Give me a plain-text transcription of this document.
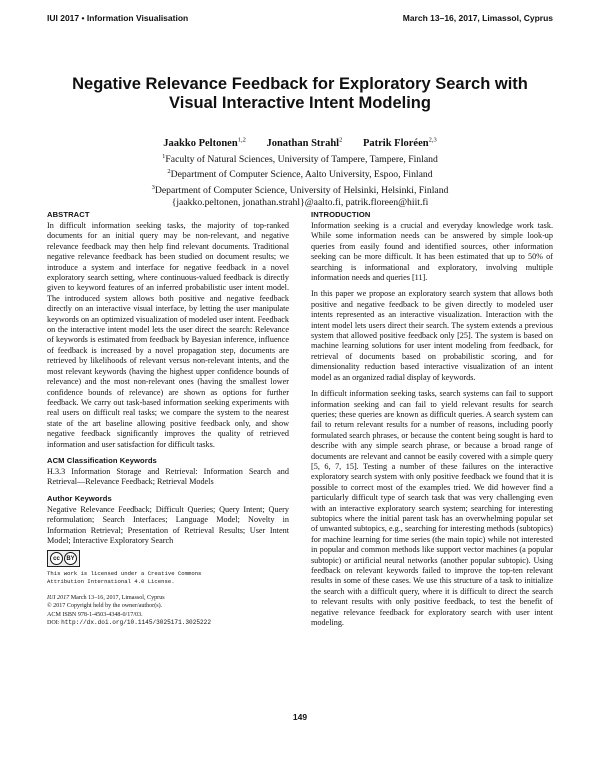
IUI 2017 • Information Visualisation	March 13–16, 2017, Limassol, Cyprus
Negative Relevance Feedback for Exploratory Search with
Visual Interactive Intent Modeling
Jaakko Peltonen$^{1,2}$ Jonathan Strahl$^2$ Patrik Floréen$^{2,3}$
$^1$Faculty of Natural Sciences, University of Tampere, Tampere, Finland
$^2$Department of Computer Science, Aalto University, Espoo, Finland
$^3$Department of Computer Science, University of Helsinki, Helsinki, Finland
{jaakko.peltonen, jonathan.strahl}@aalto.fi, patrik.floreen@hiit.fi
ABSTRACT

In difficult information seeking tasks, the majority of top-ranked documents for an initial query may be non-relevant, and negative relevance feedback may then help find relevant documents. Traditional negative relevance feedback has been studied on document results; we introduce a system and interface for negative feedback in a novel exploratory search setting, where continuous-valued feedback is directly given to keyword features of an inferred probabilistic user intent model. The introduced system allows both positive and negative feedback directly on an interactive visual interface, by letting the user manipulate keywords on an optimized visualization of modeled user intent. Feedback on the interactive intent model lets the user direct the search: Relevance of keywords is estimated from feedback by Bayesian inference, influence of feedback is increased by a novel propagation step, documents are retrieved by likelihoods of relevant versus non-relevant intents, and the most relevant keywords (having the highest upper confidence bounds of relevance) and the most non-relevant ones (having the smallest lower confidence bounds of relevance) are shown as options for further feedback. We carry out task-based information seeking experiments with real users on difficult real tasks; we compare the system to the nearest state of the art baseline allowing positive feedback only, and show negative feedback significantly improves the quality of retrieved information and user satisfaction for difficult tasks.

ACM Classification Keywords

H.3.3 Information Storage and Retrieval: Information Search and Retrieval—Relevance Feedback; Retrieval Models

Author Keywords

Negative Relevance Feedback; Difficult Queries; Query Intent; Query reformulation; Search Interfaces; Language Model; Novelty in Information Retrieval; Presentation of Retrieval Results; User Intent Model; Interactive Exploratory Search

cc	BY
This work is licensed under a Creative Commons
Attribution International 4.0 License.
IUI 2017 March 13–16, 2017, Limassol, Cyprus
© 2017 Copyright held by the owner/author(s).
ACM ISBN 978-1-4503-4348-0/17/03.
DOI: http://dx.doi.org/10.1145/3025171.3025222
INTRODUCTION

Information seeking is a crucial and everyday knowledge work task. While some information needs can be answered by simple look-up queries from easily found and identified sources, other information seeking can be more difficult. It has been estimated that up to 50% of searching is informational and exploratory, involving multiple information needs and queries [11].

In this paper we propose an exploratory search system that allows both positive and negative feedback to be given directly to modeled user intents represented as an interactive visualization. Interaction with the intent model lets users direct their search. The system extends a previous system that allowed positive feedback only [25]. The system is based on machine learning solutions for user intent modeling from feedback, for retrieval of documents based on probabilistic scoring, and for dimensionality reduction based interactive visualization of an intent model as an organized radial display of keywords.

In difficult information seeking tasks, search systems can fail to support information seeking and can fail to yield relevant results for search queries; these queries are known as difficult queries. A search system can fail to return relevant results for a number of reasons, including poorly formulated search phrases, or because the content being sought is hard to describe with any simple search phrase, or because a broad range of documents are relevant and cannot be easily covered with a simple query [5, 6, 7, 15]. Testing a number of these failures on the interactive exploratory search system with only positive feedback we found that it is possible to correct most of the examples tried. We did however find a particularly difficult type of search task that was very challenging even with an interactive exploratory search system; searching for interesting subtopics where the initial parent task has an overwhelming popular set of unwanted subtopics, e.g., searching for interesting methods (subtopics) for machine learning for time series (the main topic) while not interested in popular and common methods like support vector machines (a popular subtopic) or artificial neural networks (another popular subtopic). Using feedback on relevant keywords failed to improve the top-ten relevant results in some of these cases. We use this structure of a task to initialize the search with a difficult query, where it is difficult to direct the search to relevant results with only positive feedback, to test the benefit of negative relevance feedback for exploratory search with user intent modeling.

149
